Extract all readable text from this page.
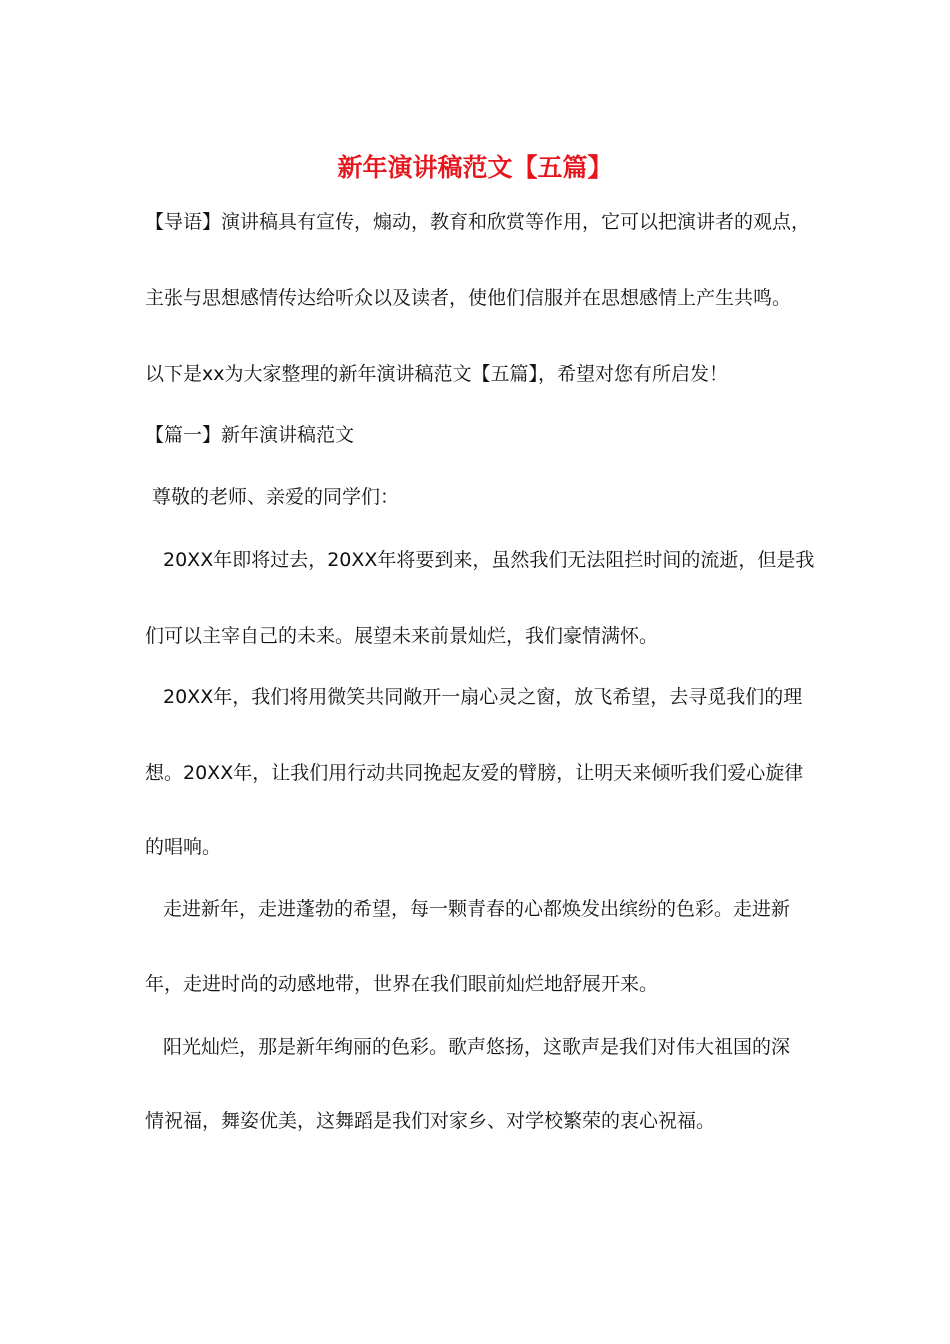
新年演讲稿范文【五篇】
【导语】演讲稿具有宣传，煽动，教育和欣赏等作用，它可以把演讲者的观点，
主张与思想感情传达给听众以及读者，使他们信服并在思想感情上产生共鸣。
以下是xx为大家整理的新年演讲稿范文【五篇】，希望对您有所启发！
【篇一】新年演讲稿范文
尊敬的老师、亲爱的同学们：
20XX年即将过去，20XX年将要到来，虽然我们无法阻拦时间的流逝，但是我
们可以主宰自己的未来。展望未来前景灿烂，我们豪情满怀。
20XX年，我们将用微笑共同敞开一扇心灵之窗，放飞希望，去寻觅我们的理
想。20XX年，让我们用行动共同挽起友爱的臂膀，让明天来倾听我们爱心旋律
的唱响。
走进新年，走进蓬勃的希望，每一颗青春的心都焕发出缤纷的色彩。走进新
年，走进时尚的动感地带，世界在我们眼前灿烂地舒展开来。
阳光灿烂，那是新年绚丽的色彩。歌声悠扬，这歌声是我们对伟大祖国的深
情祝福，舞姿优美，这舞蹈是我们对家乡、对学校繁荣的衷心祝福。
